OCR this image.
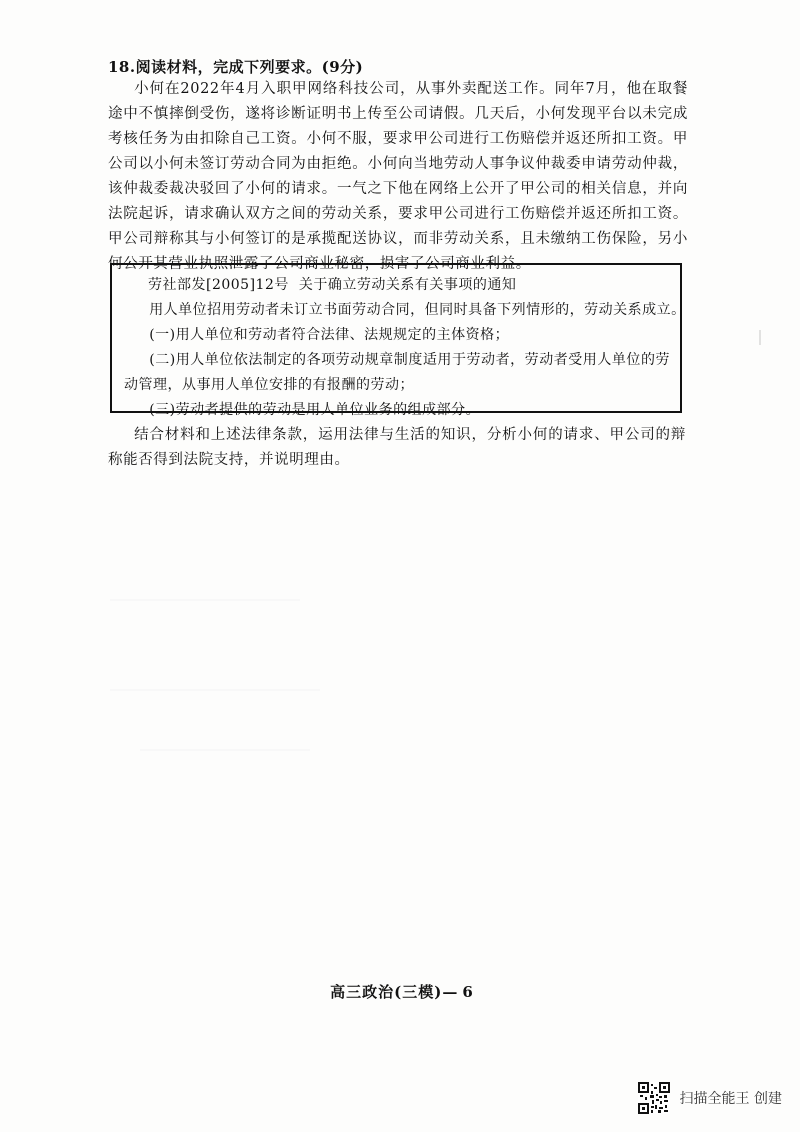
18.阅读材料，完成下列要求。(9分)
小何在2022年4月入职甲网络科技公司，从事外卖配送工作。同年7月，他在取餐途中不慎摔倒受伤，遂将诊断证明书上传至公司请假。几天后，小何发现平台以未完成考核任务为由扣除自己工资。小何不服，要求甲公司进行工伤赔偿并返还所扣工资。甲公司以小何未签订劳动合同为由拒绝。小何向当地劳动人事争议仲裁委申请劳动仲裁，该仲裁委裁决驳回了小何的请求。一气之下他在网络上公开了甲公司的相关信息，并向法院起诉，请求确认双方之间的劳动关系，要求甲公司进行工伤赔偿并返还所扣工资。甲公司辩称其与小何签订的是承揽配送协议，而非劳动关系，且未缴纳工伤保险，另小何公开其营业执照泄露了公司商业秘密，损害了公司商业利益。
劳社部发[2005]12号 关于确立劳动关系有关事项的通知
用人单位招用劳动者未订立书面劳动合同，但同时具备下列情形的，劳动关系成立。
(一)用人单位和劳动者符合法律、法规规定的主体资格；
(二)用人单位依法制定的各项劳动规章制度适用于劳动者，劳动者受用人单位的劳动管理，从事用人单位安排的有报酬的劳动；
(三)劳动者提供的劳动是用人单位业务的组成部分。
结合材料和上述法律条款，运用法律与生活的知识，分析小何的请求、甲公司的辩称能否得到法院支持，并说明理由。
高三政治(三模)— 6
扫描全能王 创建
